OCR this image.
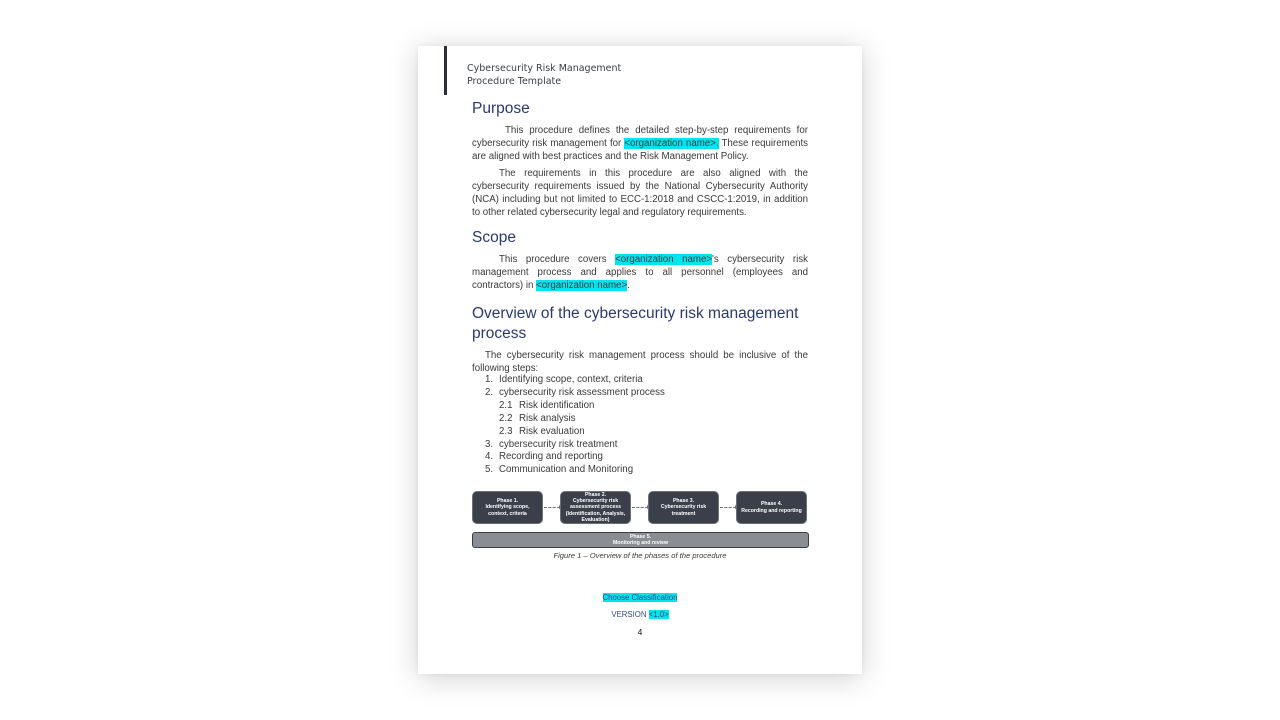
Cybersecurity Risk Management
Procedure Template
Purpose

This procedure defines the detailed step-by-step requirements for cybersecurity risk management for <organization name>. These requirements are aligned with best practices and the Risk Management Policy.

The requirements in this procedure are also aligned with the cybersecurity requirements issued by the National Cybersecurity Authority (NCA) including but not limited to ECC-1:2018 and CSCC-1:2019, in addition to other related cybersecurity legal and regulatory requirements.

Scope

This procedure covers <organization name>'s cybersecurity risk management process and applies to all personnel (employees and contractors) in <organization name>.

Overview of the cybersecurity risk management process

The cybersecurity risk management process should be inclusive of the following steps:

1. Identifying scope, context, criteria
2. cybersecurity risk assessment process
2.1 Risk identification
2.2 Risk analysis
2.3 Risk evaluation
3. cybersecurity risk treatment
4. Recording and reporting
5. Communication and Monitoring
Phase 1.
Identifying scope, context, criteria
Phase 2.
Cybersecurity risk assessment process (Identification, Analysis, Evaluation)
Phase 3.
Cybersecurity risk treatment
Phase 4.
Recording and reporting
Phase 5.
Monitoring and review
Figure 1 – Overview of the phases of the procedure
Choose Classification
VERSION <1.0>
4
